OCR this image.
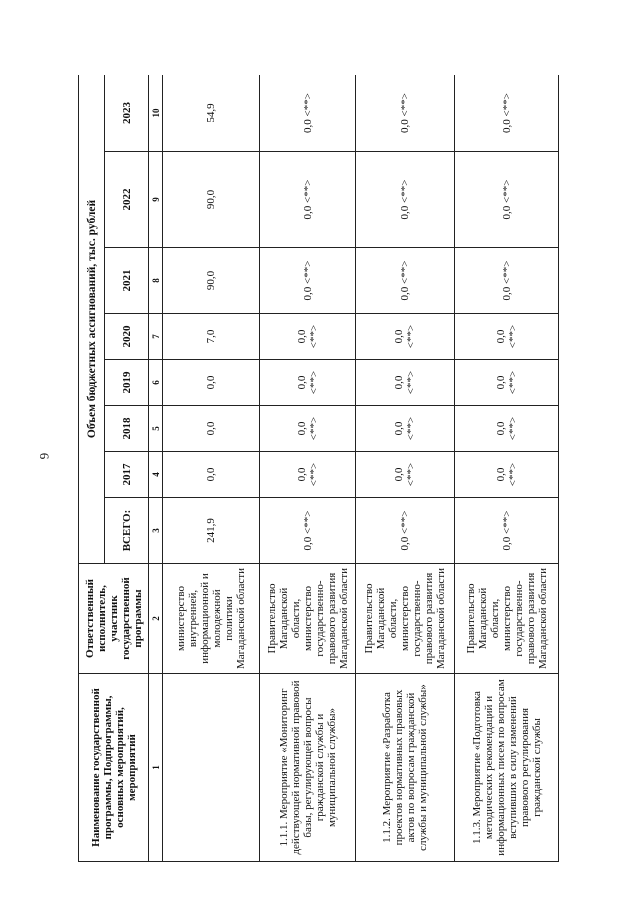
6
Наименование государственной программы, Подпрограммы, основных мероприятий, мероприятий	Ответственный исполнитель, участник государственной программы	Объем бюджетных ассигнований, тыс. рублей							
		ВСЕГО:	2017	2018	2019	2020	2021	2022	2023
1	2	3	4	5	6	7	8	9	10
	министерство внутренней, информационной и молодежной политики Магаданской области	241,9	0,0	0,0	0,0	7,0	90,0	90,0	54,9
1.1.1. Мероприятие «Мониторинг действующей нормативной правовой базы, регулирующей вопросы гражданской службы и муниципальной службы»	Правительство Магаданской области, министерство государственно-правового развития Магаданской области	0,0 <**>	0,0 <**>	0,0 <**>	0,0 <**>	0,0 <**>	0,0 <**>	0,0 <**>	0,0 <**>
1.1.2. Мероприятие «Разработка проектов нормативных правовых актов по вопросам гражданской службы и муниципальной службы»	Правительство Магаданской области, министерство государственно-правового развития Магаданской области	0,0 <**>	0,0 <**>	0,0 <**>	0,0 <**>	0,0 <**>	0,0 <**>	0,0 <**>	0,0 <**>
1.1.3. Мероприятие «Подготовка методических рекомендаций и информационных писем по вопросам вступивших в силу изменений правового регулирования гражданской службы	Правительство Магаданской области, министерство государственно-правового развития Магаданской области	0,0 <**>	0,0 <**>	0,0 <**>	0,0 <**>	0,0 <**>	0,0 <**>	0,0 <**>	0,0 <**>
